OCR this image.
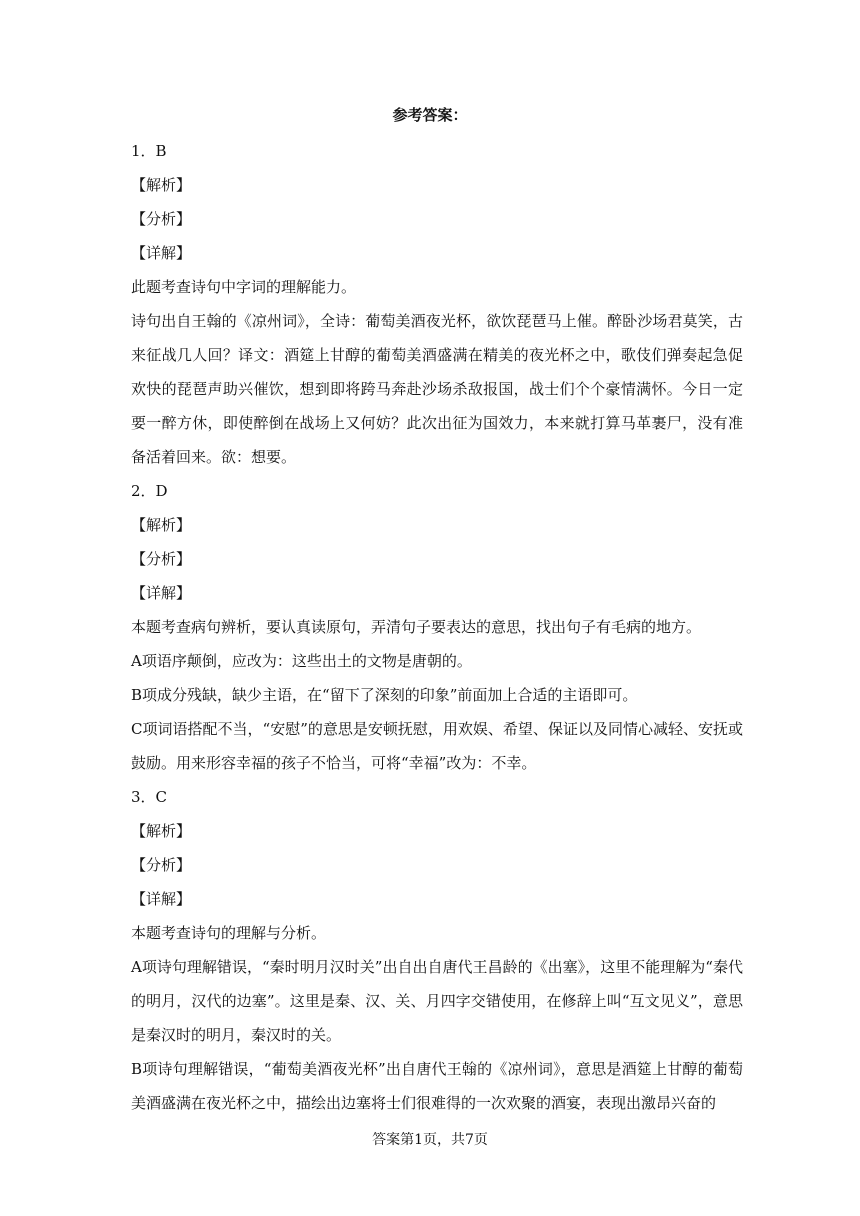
参考答案：

1．B

【解析】

【分析】

【详解】

此题考查诗句中字词的理解能力。

诗句出自王翰的《凉州词》，全诗：葡萄美酒夜光杯，欲饮琵琶马上催。醉卧沙场君莫笑，古来征战几人回？译文：酒筵上甘醇的葡萄美酒盛满在精美的夜光杯之中，歌伎们弹奏起急促欢快的琵琶声助兴催饮，想到即将跨马奔赴沙场杀敌报国，战士们个个豪情满怀。今日一定要一醉方休，即使醉倒在战场上又何妨？此次出征为国效力，本来就打算马革裹尸，没有准备活着回来。欲：想要。

2．D

【解析】

【分析】

【详解】

本题考查病句辨析，要认真读原句，弄清句子要表达的意思，找出句子有毛病的地方。

A项语序颠倒，应改为：这些出土的文物是唐朝的。

B项成分残缺，缺少主语，在“留下了深刻的印象”前面加上合适的主语即可。

C项词语搭配不当，“安慰”的意思是安顿抚慰，用欢娱、希望、保证以及同情心减轻、安抚或鼓励。用来形容幸福的孩子不恰当，可将“幸福”改为：不幸。

3．C

【解析】

【分析】

【详解】

本题考查诗句的理解与分析。

A项诗句理解错误，“秦时明月汉时关”出自出自唐代王昌龄的《出塞》，这里不能理解为“秦代的明月，汉代的边塞”。这里是秦、汉、关、月四字交错使用，在修辞上叫“互文见义”，意思是秦汉时的明月，秦汉时的关。

B项诗句理解错误，“葡萄美酒夜光杯”出自唐代王翰的《凉州词》，意思是酒筵上甘醇的葡萄美酒盛满在夜光杯之中，描绘出边塞将士们很难得的一次欢聚的酒宴，表现出激昂兴奋的

答案第1页，共7页
